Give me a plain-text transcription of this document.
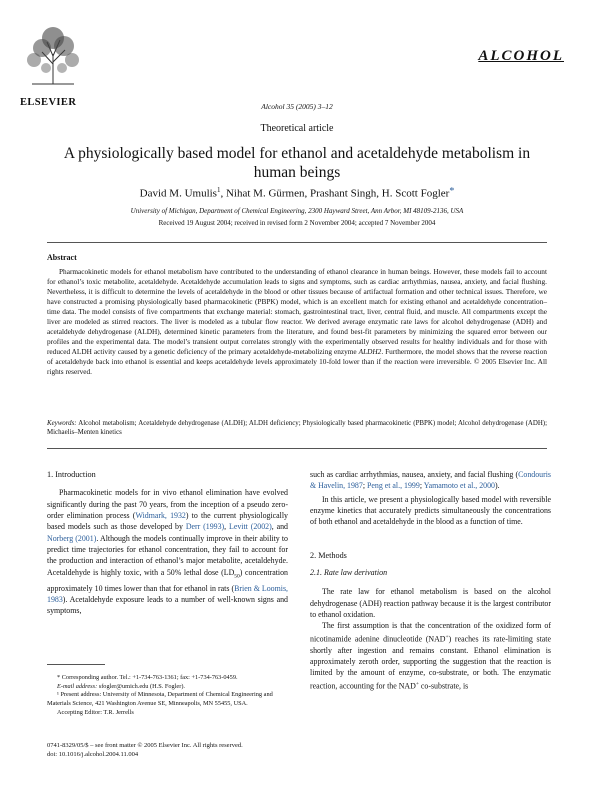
ELSEVIER
ALCOHOL
Alcohol 35 (2005) 3–12
Theoretical article
A physiologically based model for ethanol and acetaldehyde metabolism in human beings
David M. Umulis$^1$, Nihat M. Gürmen, Prashant Singh, H. Scott Fogler*
University of Michigan, Department of Chemical Engineering, 2300 Hayward Street, Ann Arbor, MI 48109-2136, USA
Received 19 August 2004; received in revised form 2 November 2004; accepted 7 November 2004
Abstract
Pharmacokinetic models for ethanol metabolism have contributed to the understanding of ethanol clearance in human beings. However, these models fail to account for ethanol’s toxic metabolite, acetaldehyde. Acetaldehyde accumulation leads to signs and symptoms, such as cardiac arrhythmias, nausea, anxiety, and facial flushing. Nevertheless, it is difficult to determine the levels of acetaldehyde in the blood or other tissues because of artifactual formation and other technical issues. Therefore, we have constructed a promising physiologically based pharmacokinetic (PBPK) model, which is an excellent match for existing ethanol and acetaldehyde concentration–time data. The model consists of five compartments that exchange material: stomach, gastrointestinal tract, liver, central fluid, and muscle. All compartments except the liver are modeled as stirred reactors. The liver is modeled as a tubular flow reactor. We derived average enzymatic rate laws for alcohol dehydrogenase (ADH) and acetaldehyde dehydrogenase (ALDH), determined kinetic parameters from the literature, and found best-fit parameters by minimizing the squared error between our profiles and the experimental data. The model’s transient output correlates strongly with the experimentally observed results for healthy individuals and for those with reduced ALDH activity caused by a genetic deficiency of the primary acetaldehyde-metabolizing enzyme ALDH2. Furthermore, the model shows that the reverse reaction of acetaldehyde back into ethanol is essential and keeps acetaldehyde levels approximately 10-fold lower than if the reaction were irreversible. © 2005 Elsevier Inc. All rights reserved.
Keywords: Alcohol metabolism; Acetaldehyde dehydrogenase (ALDH); ALDH deficiency; Physiologically based pharmacokinetic (PBPK) model; Alcohol dehydrogenase (ADH); Michaelis–Menten kinetics

1. Introduction

Pharmacokinetic models for in vivo ethanol elimination have evolved significantly during the past 70 years, from the inception of a pseudo zero-order elimination process (Widmark, 1932) to the current physiologically based models such as those developed by Derr (1993), Levitt (2002), and Norberg (2001). Although the models continually improve in their ability to predict time trajectories for ethanol concentration, they fail to account for the production and interaction of ethanol’s major metabolite, acetaldehyde. Acetaldehyde is highly toxic, with a 50% lethal dose $(LD_{50})$ concentration approximately 10 times lower than that for ethanol in rats (Brien & Loomis, 1983). Acetaldehyde exposure leads to a number of well-known signs and symptoms,

such as cardiac arrhythmias, nausea, anxiety, and facial flushing (Condouris & Havelin, 1987; Peng et al., 1999; Yamamoto et al., 2000).

In this article, we present a physiologically based model with reversible enzyme kinetics that accurately predicts simultaneously the concentrations of both ethanol and acetaldehyde in the blood as a function of time.

2. Methods

2.1. Rate law derivation

The rate law for ethanol metabolism is based on the alcohol dehydrogenase (ADH) reaction pathway because it is the largest contributor to ethanol oxidation.

The first assumption is that the concentration of the oxidized form of nicotinamide adenine dinucleotide (NAD+) reaches its rate-limiting state shortly after ingestion and remains constant. Ethanol elimination is approximately zeroth order, supporting the suggestion that the reaction is limited by the amount of enzyme, co-substrate, or both. The enzymatic reaction, accounting for the NAD+ co-substrate, is

* Corresponding author. Tel.: +1-734-763-1361; fax: +1-734-763-0459.

E-mail address: sfogler@umich.edu (H.S. Fogler).

¹ Present address: University of Minnesota, Department of Chemical Engineering and Materials Science, 421 Washington Avenue SE, Minneapolis, MN 55455, USA.

Accepting Editor: T.R. Jerrells

0741-8329/05/$ – see front matter © 2005 Elsevier Inc. All rights reserved.
doi: 10.1016/j.alcohol.2004.11.004
